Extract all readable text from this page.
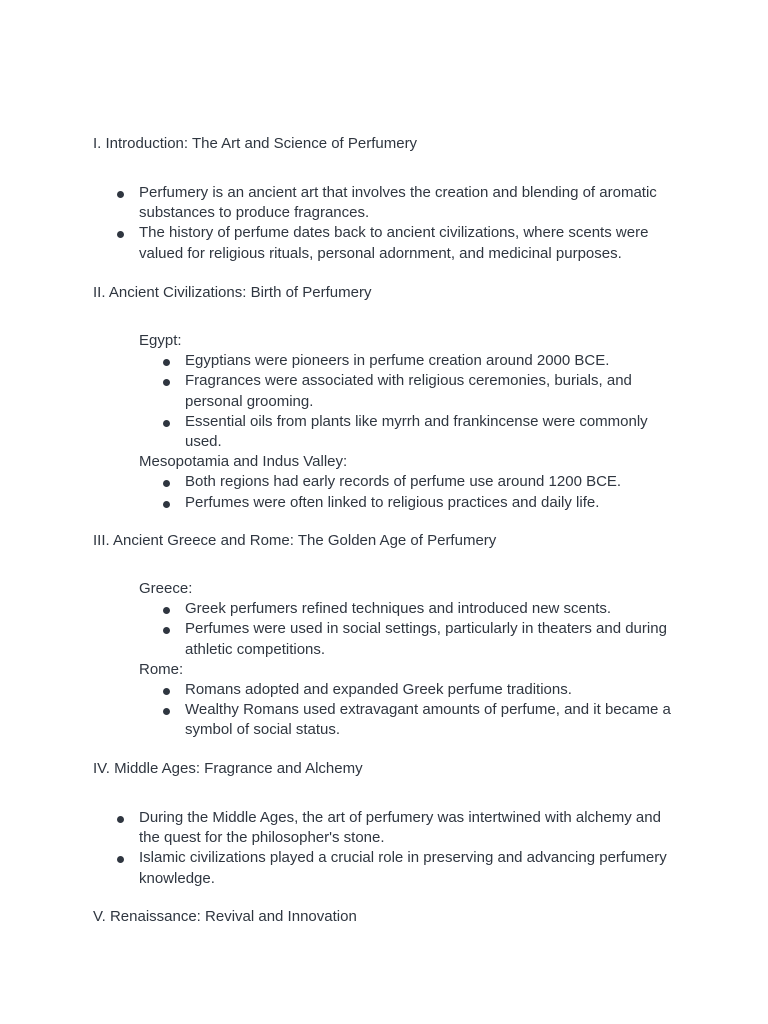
I. Introduction: The Art and Science of Perfumery
Perfumery is an ancient art that involves the creation and blending of aromatic substances to produce fragrances.
The history of perfume dates back to ancient civilizations, where scents were valued for religious rituals, personal adornment, and medicinal purposes.
II. Ancient Civilizations: Birth of Perfumery
Egypt:
Egyptians were pioneers in perfume creation around 2000 BCE.
Fragrances were associated with religious ceremonies, burials, and personal grooming.
Essential oils from plants like myrrh and frankincense were commonly used.
Mesopotamia and Indus Valley:
Both regions had early records of perfume use around 1200 BCE.
Perfumes were often linked to religious practices and daily life.
III. Ancient Greece and Rome: The Golden Age of Perfumery
Greece:
Greek perfumers refined techniques and introduced new scents.
Perfumes were used in social settings, particularly in theaters and during athletic competitions.
Rome:
Romans adopted and expanded Greek perfume traditions.
Wealthy Romans used extravagant amounts of perfume, and it became a symbol of social status.
IV. Middle Ages: Fragrance and Alchemy
During the Middle Ages, the art of perfumery was intertwined with alchemy and the quest for the philosopher's stone.
Islamic civilizations played a crucial role in preserving and advancing perfumery knowledge.
V. Renaissance: Revival and Innovation
